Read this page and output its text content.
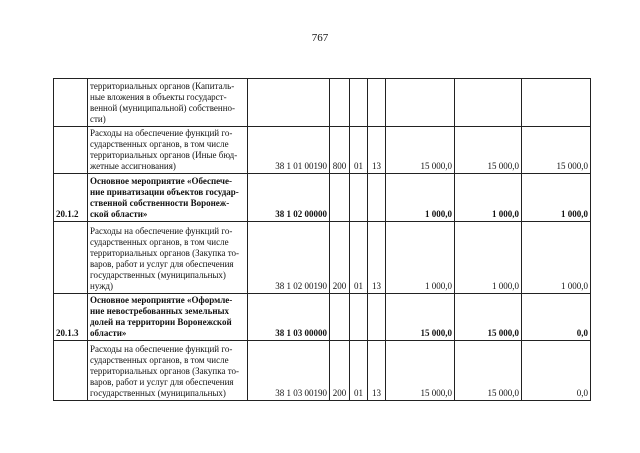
767
	территориальных органов (Капиталь-ные вложения в объекты государст-венной (муниципальной) собственно-сти)							
	Расходы на обеспечение функций го-сударственных органов, в том числе территориальных органов (Иные бюд-жетные ассигнования)	38 1 01 00190	800	01	13	15 000,0	15 000,0	15 000,0
20.1.2	Основное мероприятие «Обеспече-ние приватизации объектов государ-ственной собственности Воронеж-ской области»	38 1 02 00000				1 000,0	1 000,0	1 000,0
	Расходы на обеспечение функций го-сударственных органов, в том числе территориальных органов (Закупка то-варов, работ и услуг для обеспечения государственных (муниципальных) нужд)	38 1 02 00190	200	01	13	1 000,0	1 000,0	1 000,0
20.1.3	Основное мероприятие «Оформле-ние невостребованных земельных долей на территории Воронежской области»	38 1 03 00000				15 000,0	15 000,0	0,0
	Расходы на обеспечение функций го-сударственных органов, в том числе территориальных органов (Закупка то-варов, работ и услуг для обеспечения государственных (муниципальных)	38 1 03 00190	200	01	13	15 000,0	15 000,0	0,0
